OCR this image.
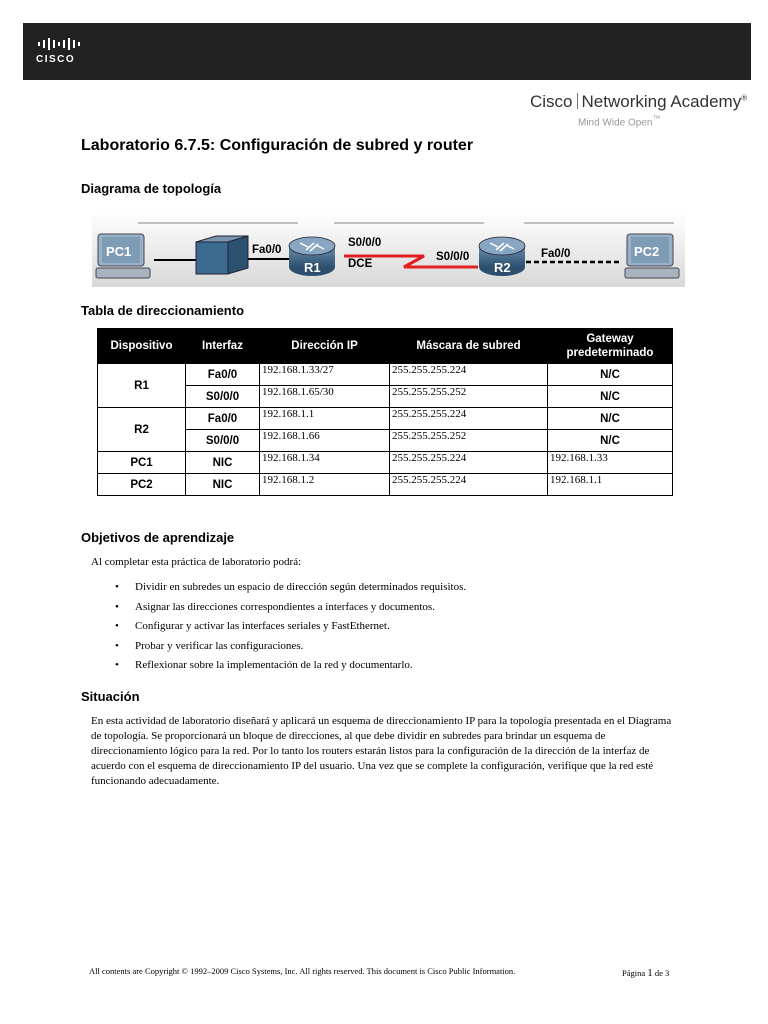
CISCO
Cisco Networking Academy®
Mind Wide Open™
Laboratorio 6.7.5: Configuración de subred y router
Diagrama de topología
PC1
R1	R2
PC2
Fa0/0
S0/0/0
DCE
S0/0/0	Fa0/0
Tabla de direccionamiento
Dispositivo	Interfaz	Dirección IP	Máscara de subred	Gateway predeterminado
R1	Fa0/0	192.168.1.33/27	255.255.255.224	N/C
	S0/0/0	192.168.1.65/30	255.255.255.252	N/C
R2	Fa0/0	192.168.1.1	255.255.255.224	N/C
	S0/0/0	192.168.1.66	255.255.255.252	N/C
PC1	NIC	192.168.1.34	255.255.255.224	192.168.1.33
PC2	NIC	192.168.1.2	255.255.255.224	192.168.1.1
Objetivos de aprendizaje

Al completar esta práctica de laboratorio podrá:

• Dividir en subredes un espacio de dirección según determinados requisitos.
• Asignar las direcciones correspondientes a interfaces y documentos.
• Configurar y activar las interfaces seriales y FastEthernet.
• Probar y verificar las configuraciones.
• Reflexionar sobre la implementación de la red y documentarlo.
Situación

En esta actividad de laboratorio diseñará y aplicará un esquema de direccionamiento IP para la topología presentada en el Diagrama de topología. Se proporcionará un bloque de direcciones, al que debe dividir en subredes para brindar un esquema de direccionamiento lógico para la red. Por lo tanto los routers estarán listos para la configuración de la dirección de la interfaz de acuerdo con el esquema de direccionamiento IP del usuario. Una vez que se complete la configuración, verifique que la red esté funcionando adecuadamente.

All contents are Copyright © 1992–2009 Cisco Systems, Inc. All rights reserved. This document is Cisco Public Information.	Página 1 de 3
